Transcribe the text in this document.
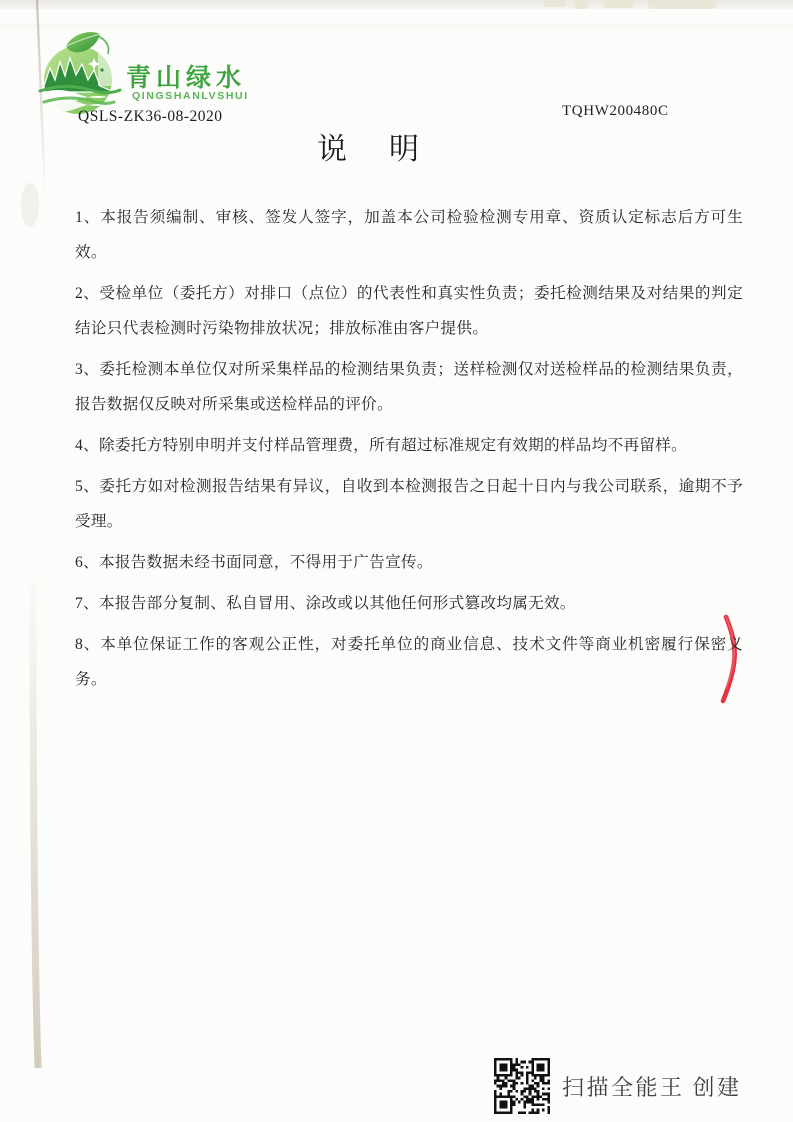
青山绿水
QINGSHANLVSHUI
QSLS-ZK36-08-2020	TQHW200480C
说　明

1、本报告须编制、审核、签发人签字，加盖本公司检验检测专用章、资质认定标志后方可生效。

2、受检单位（委托方）对排口（点位）的代表性和真实性负责；委托检测结果及对结果的判定结论只代表检测时污染物排放状况；排放标准由客户提供。

3、委托检测本单位仅对所采集样品的检测结果负责；送样检测仅对送检样品的检测结果负责，报告数据仅反映对所采集或送检样品的评价。

4、除委托方特别申明并支付样品管理费，所有超过标准规定有效期的样品均不再留样。

5、委托方如对检测报告结果有异议，自收到本检测报告之日起十日内与我公司联系，逾期不予受理。

6、本报告数据未经书面同意，不得用于广告宣传。

7、本报告部分复制、私自冒用、涂改或以其他任何形式篡改均属无效。

8、本单位保证工作的客观公正性，对委托单位的商业信息、技术文件等商业机密履行保密义务。

扫描全能王 创建
